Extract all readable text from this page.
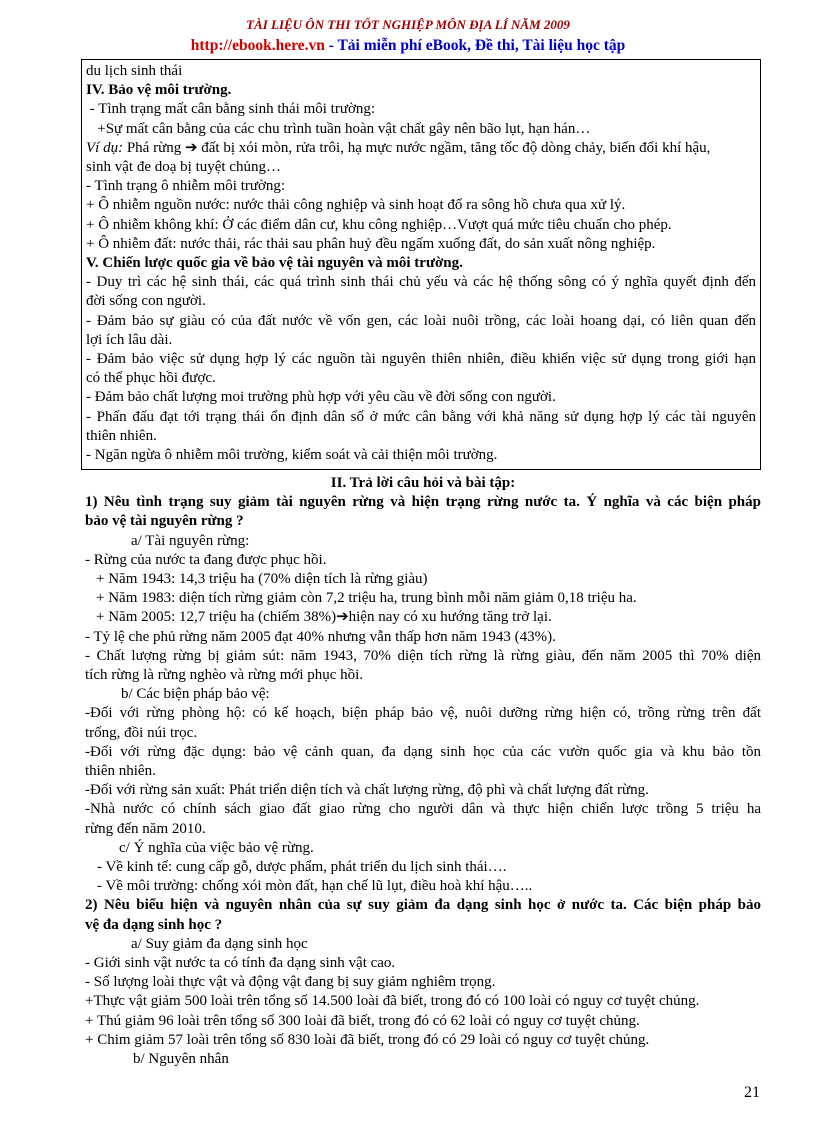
TÀI LIỆU ÔN THI TỐT NGHIỆP MÔN ĐỊA LÍ NĂM 2009
http://ebook.here.vn - Tải miễn phí eBook, Đề thi, Tài liệu học tập
du lịch sinh thái
IV. Bảo vệ môi trường.
- Tình trạng mất cân bằng sinh thái môi trường:
+Sự mất cân bằng của các chu trình tuần hoàn vật chất gây nên bão lụt, hạn hán…
Ví dụ: Phá rừng ➔ đất bị xói mòn, rửa trôi, hạ mực nước ngầm, tăng tốc độ dòng chảy, biến đổi khí hậu,
sinh vật đe doạ bị tuyệt chủng…
- Tình trạng ô nhiễm môi trường:
+ Ô nhiễm nguồn nước: nước thải công nghiệp và sinh hoạt đổ ra sông hồ chưa qua xử lý.
+ Ô nhiễm không khí: Ở các điểm dân cư, khu công nghiệp…Vượt quá mức tiêu chuẩn cho phép.
+ Ô nhiễm đất: nước thải, rác thải sau phân huỷ đều ngấm xuống đất, do sản xuất nông nghiệp.
V. Chiến lược quốc gia về bảo vệ tài nguyên và môi trường.
- Duy trì các hệ sinh thái, các quá trình sinh thái chủ yếu và các hệ thống sông có ý nghĩa quyết định đến
đời sống con người.
- Đảm bảo sự giàu có của đất nước về vốn gen, các loài nuôi trồng, các loài hoang dại, có liên quan đến
lợi ích lâu dài.
- Đảm bảo việc sử dụng hợp lý các nguồn tài nguyên thiên nhiên, điều khiển việc sử dụng trong giới hạn
có thể phục hồi được.
- Đảm bảo chất lượng moi trường phù hợp với yêu cầu về đời sống con người.
- Phấn đấu đạt tới trạng thái ổn định dân số ở mức cân bằng với khả năng sử dụng hợp lý các tài nguyên
thiên nhiên.
- Ngăn ngừa ô nhiễm môi trường, kiểm soát và cải thiện môi trường.
II. Trả lời câu hỏi và bài tập:
1) Nêu tình trạng suy giảm tài nguyên rừng và hiện trạng rừng nước ta. Ý nghĩa và các biện pháp
bảo vệ tài nguyên rừng ?
a/ Tài nguyên rừng:
- Rừng của nước ta đang được phục hồi.
+ Năm 1943: 14,3 triệu ha (70% diện tích là rừng giàu)
+ Năm 1983: diện tích rừng giảm còn 7,2 triệu ha, trung bình mỗi năm giảm 0,18 triệu ha.
+ Năm 2005: 12,7 triệu ha (chiếm 38%)➔hiện nay có xu hướng tăng trở lại.
- Tỷ lệ che phủ rừng năm 2005 đạt 40% nhưng vẫn thấp hơn năm 1943 (43%).
- Chất lượng rừng bị giảm sút: năm 1943, 70% diện tích rừng là rừng giàu, đến năm 2005 thì 70% diện
tích rừng là rừng nghèo và rừng mới phục hồi.
b/ Các biện pháp bảo vệ:
-Đối với rừng phòng hộ: có kế hoạch, biện pháp bảo vệ, nuôi dưỡng rừng hiện có, trồng rừng trên đất
trống, đồi núi trọc.
-Đối với rừng đặc dụng: bảo vệ cảnh quan, đa dạng sinh học của các vườn quốc gia và khu bảo tồn
thiên nhiên.
-Đối với rừng sản xuất: Phát triển diện tích và chất lượng rừng, độ phì và chất lượng đất rừng.
-Nhà nước có chính sách giao đất giao rừng cho người dân và thực hiện chiến lược trồng 5 triệu ha
rừng đến năm 2010.
c/ Ý nghĩa của việc bảo vệ rừng.
- Về kinh tế: cung cấp gỗ, dược phẩm, phát triển du lịch sinh thái….
- Về môi trường: chống xói mòn đất, hạn chế lũ lụt, điều hoà khí hậu…..
2) Nêu biểu hiện và nguyên nhân của sự suy giảm đa dạng sinh học ở nước ta. Các biện pháp bảo
vệ đa dạng sinh học ?
a/ Suy giảm đa dạng sinh học
- Giới sinh vật nước ta có tính đa dạng sinh vật cao.
- Số lượng loài thực vật và động vật đang bị suy giảm nghiêm trọng.
+Thực vật giảm 500 loài trên tổng số 14.500 loài đã biết, trong đó có 100 loài có nguy cơ tuyệt chủng.
+ Thú giảm 96 loài trên tổng số 300 loài đã biết, trong đó có 62 loài có nguy cơ tuyệt chủng.
+ Chim giảm 57 loài trên tổng số 830 loài đã biết, trong đó có 29 loài có nguy cơ tuyệt chủng.
b/ Nguyên nhân
21
